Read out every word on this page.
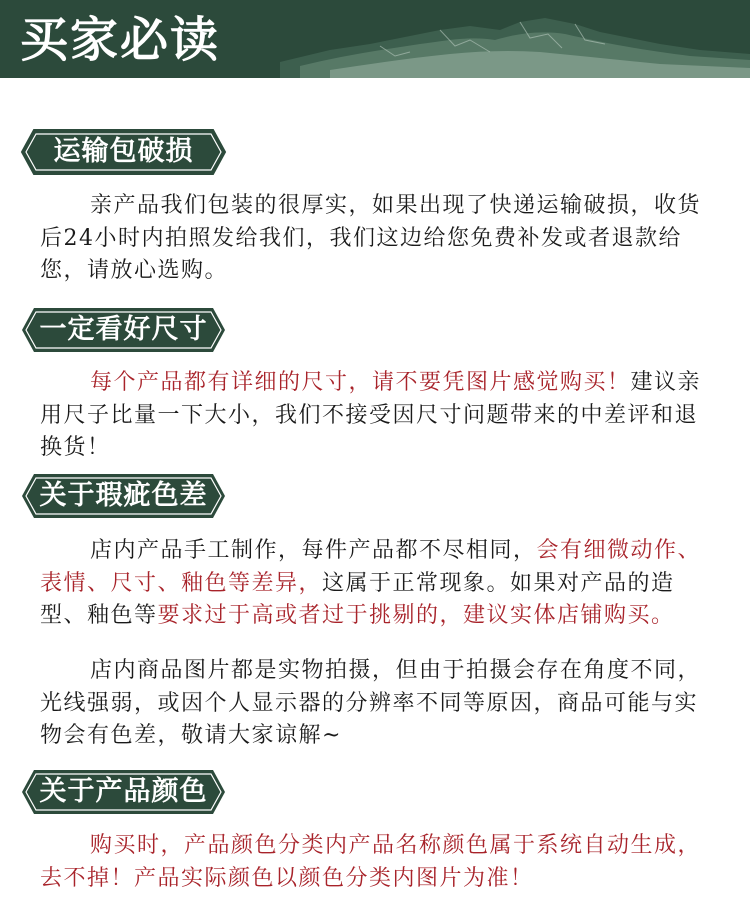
买家必读
运输包破损
亲产品我们包装的很厚实，如果出现了快递运输破损，收货后24小时内拍照发给我们，我们这边给您免费补发或者退款给您，请放心选购。
一定看好尺寸
每个产品都有详细的尺寸，请不要凭图片感觉购买！建议亲用尺子比量一下大小，我们不接受因尺寸问题带来的中差评和退换货！
关于瑕疵色差
店内产品手工制作，每件产品都不尽相同，会有细微动作、表情、尺寸、釉色等差异，这属于正常现象。如果对产品的造型、釉色等要求过于高或者过于挑剔的，建议实体店铺购买。
店内商品图片都是实物拍摄，但由于拍摄会存在角度不同，光线强弱，或因个人显示器的分辨率不同等原因，商品可能与实物会有色差，敬请大家谅解~
关于产品颜色
购买时，产品颜色分类内产品名称颜色属于系统自动生成，去不掉！产品实际颜色以颜色分类内图片为准！
